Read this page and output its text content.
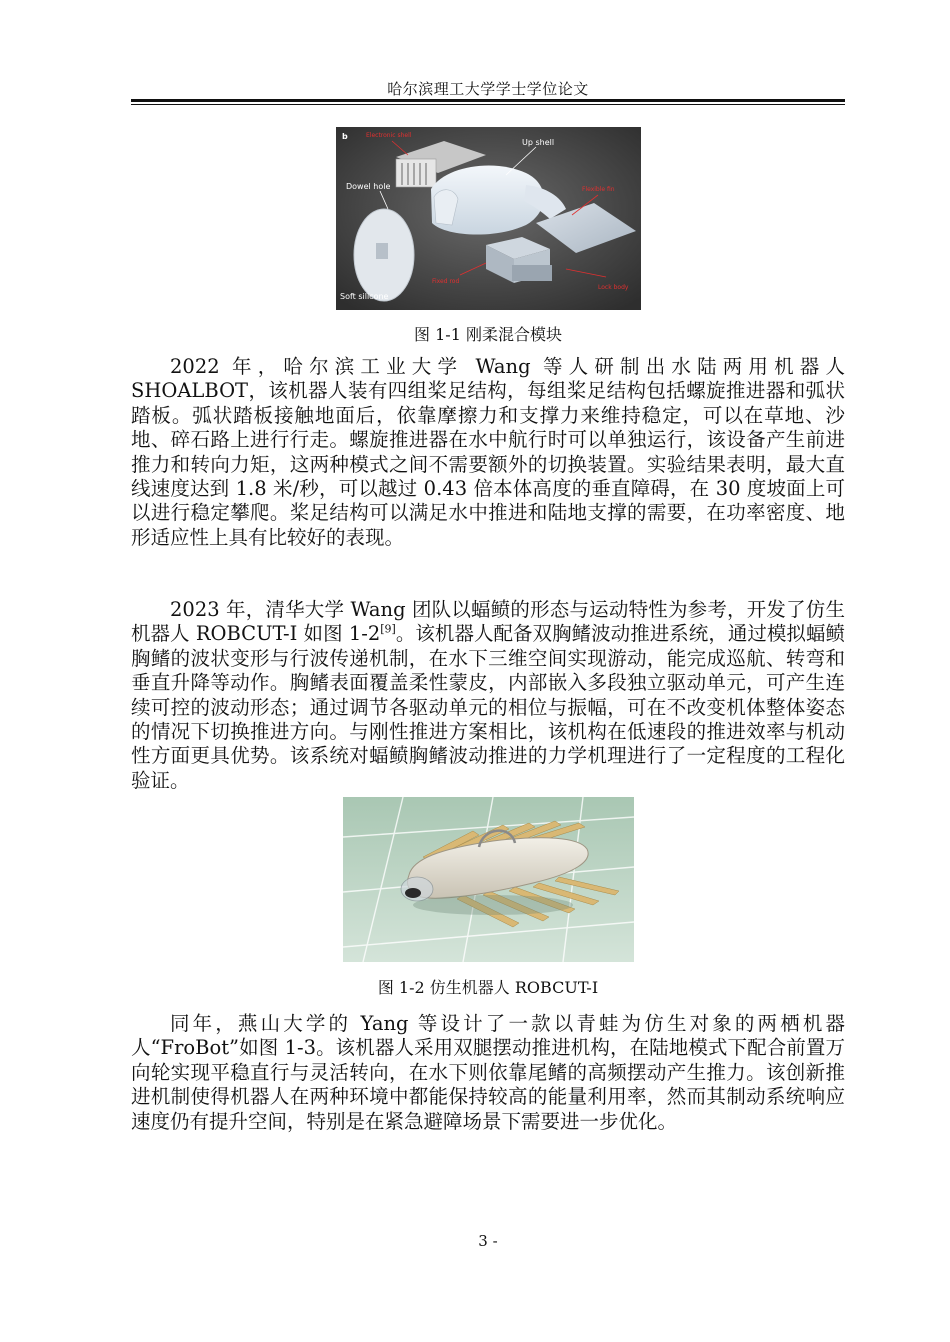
哈尔滨理工大学学士学位论文
b
Up shell
Dowel hole
Soft silicone
Electronic shell
Flexible fin
Fixed rod
Lock body
图 1-1 刚柔混合模块

2022 年，哈尔滨工业大学 Wang 等人研制出水陆两用机器人 SHOALBOT，该机器人装有四组桨足结构，每组桨足结构包括螺旋推进器和弧状踏板。弧状踏板接触地面后，依靠摩擦力和支撑力来维持稳定，可以在草地、沙地、碎石路上进行行走。螺旋推进器在水中航行时可以单独运行，该设备产生前进推力和转向力矩，这两种模式之间不需要额外的切换装置。实验结果表明，最大直线速度达到 1.8 米/秒，可以越过 0.43 倍本体高度的垂直障碍，在 30 度坡面上可以进行稳定攀爬。桨足结构可以满足水中推进和陆地支撑的需要，在功率密度、地形适应性上具有比较好的表现。

2023 年，清华大学 Wang 团队以蝠鲼的形态与运动特性为参考，开发了仿生机器人 ROBCUT-I 如图 1-2[9]。该机器人配备双胸鳍波动推进系统，通过模拟蝠鲼胸鳍的波状变形与行波传递机制，在水下三维空间实现游动，能完成巡航、转弯和垂直升降等动作。胸鳍表面覆盖柔性蒙皮，内部嵌入多段独立驱动单元，可产生连续可控的波动形态；通过调节各驱动单元的相位与振幅，可在不改变机体整体姿态的情况下切换推进方向。与刚性推进方案相比，该机构在低速段的推进效率与机动性方面更具优势。该系统对蝠鲼胸鳍波动推进的力学机理进行了一定程度的工程化验证。

图 1-2 仿生机器人 ROBCUT-I

同年，燕山大学的 Yang 等设计了一款以青蛙为仿生对象的两栖机器人“FroBot”如图 1-3。该机器人采用双腿摆动推进机构，在陆地模式下配合前置万向轮实现平稳直行与灵活转向，在水下则依靠尾鳍的高频摆动产生推力。该创新推进机制使得机器人在两种环境中都能保持较高的能量利用率，然而其制动系统响应速度仍有提升空间，特别是在紧急避障场景下需要进一步优化。

3 -
